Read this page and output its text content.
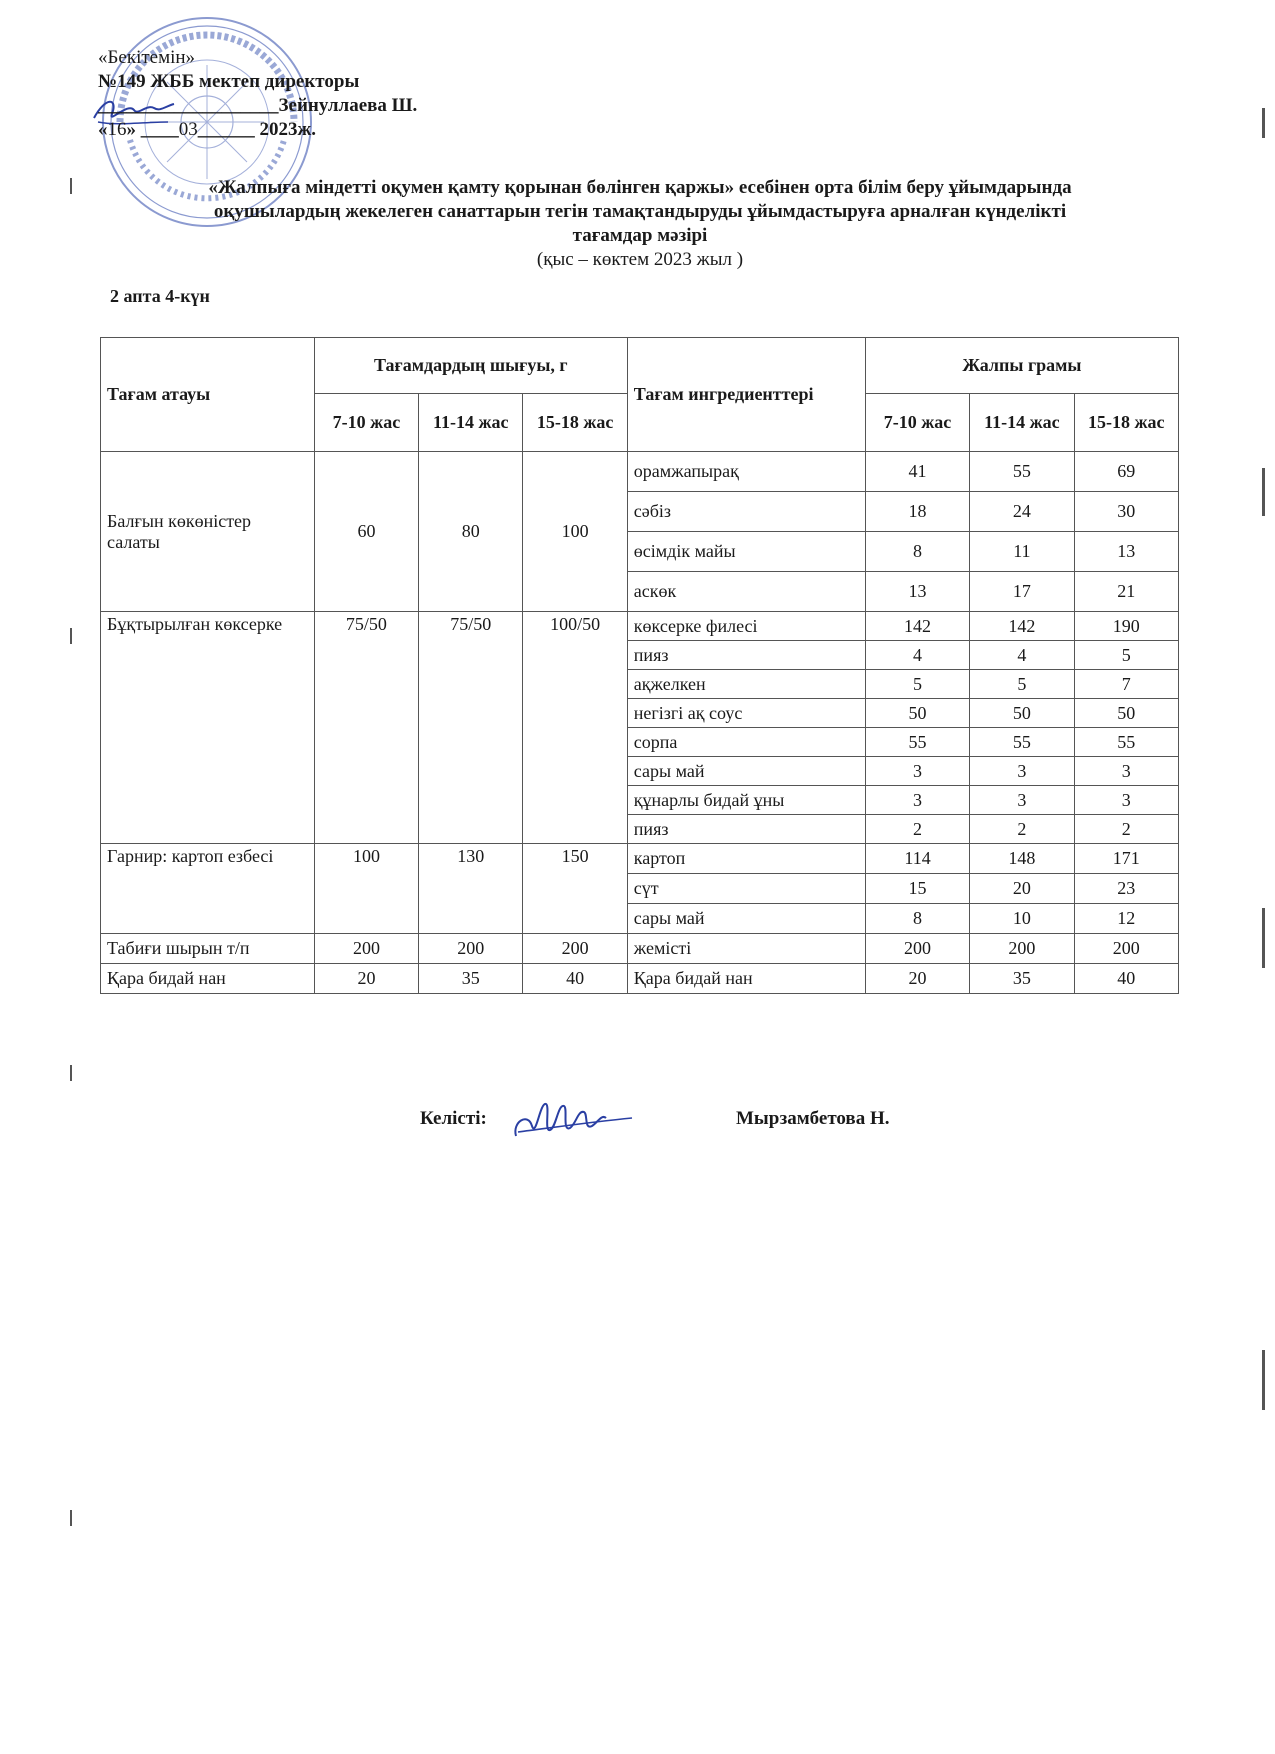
«Бекітемін»
№149 ЖББ мектеп директоры
___________________Зейнуллаева Ш.
«16» ____03______ 2023ж.
«Жалпыға міндетті оқумен қамту қорынан бөлінген қаржы» есебінен орта білім беру ұйымдарында
оқушылардың жекелеген санаттарын тегін тамақтандыруды ұйымдастыруға арналған күнделікті
тағамдар мәзірі
(қыс – көктем 2023 жыл )
2 апта 4-күн
Тағам атауы	Тағамдардың шығуы, г			Тағам ингредиенттері	Жалпы грамы		
	7-10 жас	11-14 жас	15-18 жас		7-10 жас	11-14 жас	15-18 жас
Балғын көкөністер салаты	60	80	100	орамжапырақ	41	55	69
				сәбіз	18	24	30
				өсімдік майы	8	11	13
				аскөк	13	17	21
Бұқтырылған көксерке	75/50	75/50	100/50	көксерке филесі	142	142	190
				пияз	4	4	5
				ақжелкен	5	5	7
				негізгі ақ соус	50	50	50
				сорпа	55	55	55
				сары май	3	3	3
				құнарлы бидай ұны	3	3	3
				пияз	2	2	2
Гарнир: картоп езбесі	100	130	150	картоп	114	148	171
				сүт	15	20	23
				сары май	8	10	12
Табиғи шырын т/п	200	200	200	жемісті	200	200	200
Қара бидай нан	20	35	40	Қара бидай нан	20	35	40
Келісті:	Мырзамбетова Н.
